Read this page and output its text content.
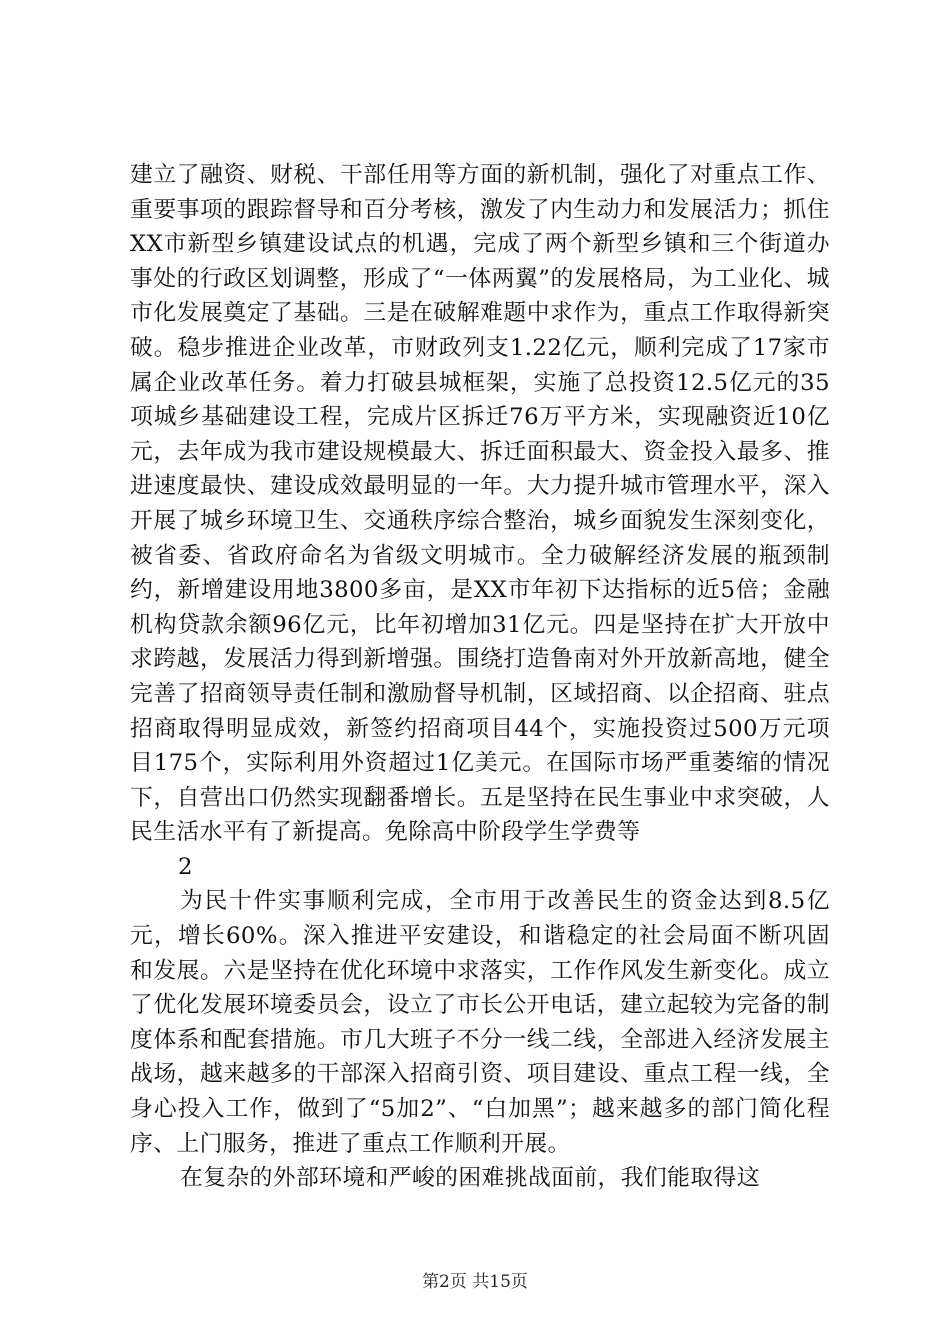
建立了融资、财税、干部任用等方面的新机制，强化了对重点工作、重要事项的跟踪督导和百分考核，激发了内生动力和发展活力；抓住XX市新型乡镇建设试点的机遇，完成了两个新型乡镇和三个街道办事处的行政区划调整，形成了“一体两翼”的发展格局，为工业化、城市化发展奠定了基础。三是在破解难题中求作为，重点工作取得新突破。稳步推进企业改革，市财政列支1.22亿元，顺利完成了17家市属企业改革任务。着力打破县城框架，实施了总投资12.5亿元的35项城乡基础建设工程，完成片区拆迁76万平方米，实现融资近10亿元，去年成为我市建设规模最大、拆迁面积最大、资金投入最多、推进速度最快、建设成效最明显的一年。大力提升城市管理水平，深入开展了城乡环境卫生、交通秩序综合整治，城乡面貌发生深刻变化，被省委、省政府命名为省级文明城市。全力破解经济发展的瓶颈制约，新增建设用地3800多亩，是XX市年初下达指标的近5倍；金融机构贷款余额96亿元，比年初增加31亿元。四是坚持在扩大开放中求跨越，发展活力得到新增强。围绕打造鲁南对外开放新高地，健全完善了招商领导责任制和激励督导机制，区域招商、以企招商、驻点招商取得明显成效，新签约招商项目44个，实施投资过500万元项目175个，实际利用外资超过1亿美元。在国际市场严重萎缩的情况下，自营出口仍然实现翻番增长。五是坚持在民生事业中求突破，人民生活水平有了新提高。免除高中阶段学生学费等

2

为民十件实事顺利完成，全市用于改善民生的资金达到8.5亿元，增长60%。深入推进平安建设，和谐稳定的社会局面不断巩固和发展。六是坚持在优化环境中求落实，工作作风发生新变化。成立了优化发展环境委员会，设立了市长公开电话，建立起较为完备的制度体系和配套措施。市几大班子不分一线二线，全部进入经济发展主战场，越来越多的干部深入招商引资、项目建设、重点工程一线，全身心投入工作，做到了“5加2”、“白加黑”；越来越多的部门简化程序、上门服务，推进了重点工作顺利开展。

在复杂的外部环境和严峻的困难挑战面前，我们能取得这

第2页 共15页
